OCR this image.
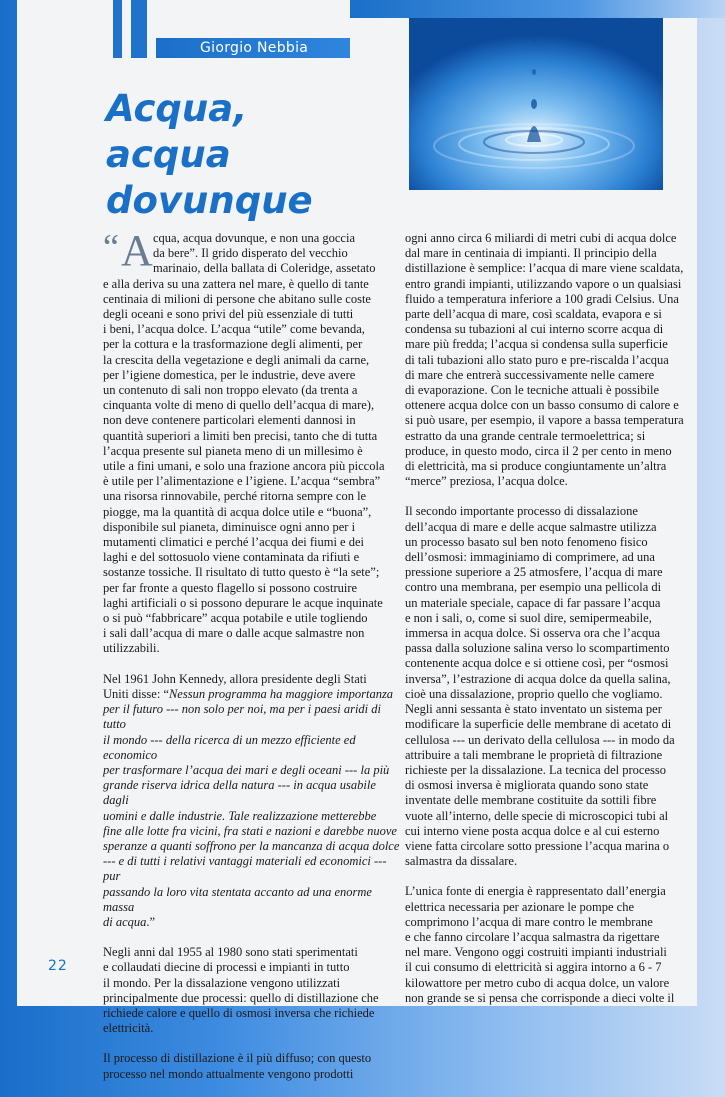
Giorgio Nebbia
Acqua,
acqua
dovunque
“ A cqua, acqua dovunque, e non una goccia
da bere”. Il grido disperato del vecchio
marinaio, della ballata di Coleridge, assetato

e alla deriva su una zattera nel mare, è quello di tante
centinaia di milioni di persone che abitano sulle coste
degli oceani e sono privi del più essenziale di tutti
i beni, l’acqua dolce. L’acqua “utile” come bevanda,
per la cottura e la trasformazione degli alimenti, per
la crescita della vegetazione e degli animali da carne,
per l’igiene domestica, per le industrie, deve avere
un contenuto di sali non troppo elevato (da trenta a
cinquanta volte di meno di quello dell’acqua di mare),
non deve contenere particolari elementi dannosi in
quantità superiori a limiti ben precisi, tanto che di tutta
l’acqua presente sul pianeta meno di un millesimo è
utile a fini umani, e solo una frazione ancora più piccola
è utile per l’alimentazione e l’igiene. L’acqua “sembra”
una risorsa rinnovabile, perché ritorna sempre con le
piogge, ma la quantità di acqua dolce utile e “buona”,
disponibile sul pianeta, diminuisce ogni anno per i
mutamenti climatici e perché l’acqua dei fiumi e dei
laghi e del sottosuolo viene contaminata da rifiuti e
sostanze tossiche. Il risultato di tutto questo è “la sete”;
per far fronte a questo flagello si possono costruire
laghi artificiali o si possono depurare le acque inquinate
o si può “fabbricare” acqua potabile e utile togliendo
i sali dall’acqua di mare o dalle acque salmastre non
utilizzabili.

Nel 1961 John Kennedy, allora presidente degli Stati
Uniti disse: “Nessun programma ha maggiore importanza
per il futuro --- non solo per noi, ma per i paesi aridi di tutto
il mondo --- della ricerca di un mezzo efficiente ed economico
per trasformare l’acqua dei mari e degli oceani --- la più
grande riserva idrica della natura --- in acqua usabile dagli
uomini e dalle industrie. Tale realizzazione metterebbe
fine alle lotte fra vicini, fra stati e nazioni e darebbe nuove
speranze a quanti soffrono per la mancanza di acqua dolce
--- e di tutti i relativi vantaggi materiali ed economici --- pur
passando la loro vita stentata accanto ad una enorme massa
di acqua.”

Negli anni dal 1955 al 1980 sono stati sperimentati
e collaudati diecine di processi e impianti in tutto
il mondo. Per la dissalazione vengono utilizzati
principalmente due processi: quello di distillazione che
richiede calore e quello di osmosi inversa che richiede
elettricità.

Il processo di distillazione è il più diffuso; con questo
processo nel mondo attualmente vengono prodotti

ogni anno circa 6 miliardi di metri cubi di acqua dolce
dal mare in centinaia di impianti. Il principio della
distillazione è semplice: l’acqua di mare viene scaldata,
entro grandi impianti, utilizzando vapore o un qualsiasi
fluido a temperatura inferiore a 100 gradi Celsius. Una
parte dell’acqua di mare, così scaldata, evapora e si
condensa su tubazioni al cui interno scorre acqua di
mare più fredda; l’acqua si condensa sulla superficie
di tali tubazioni allo stato puro e pre-riscalda l’acqua
di mare che entrerà successivamente nelle camere
di evaporazione. Con le tecniche attuali è possibile
ottenere acqua dolce con un basso consumo di calore e
si può usare, per esempio, il vapore a bassa temperatura
estratto da una grande centrale termoelettrica; si
produce, in questo modo, circa il 2 per cento in meno
di elettricità, ma si produce congiuntamente un’altra
“merce” preziosa, l’acqua dolce.

Il secondo importante processo di dissalazione
dell’acqua di mare e delle acque salmastre utilizza
un processo basato sul ben noto fenomeno fisico
dell’osmosi: immaginiamo di comprimere, ad una
pressione superiore a 25 atmosfere, l’acqua di mare
contro una membrana, per esempio una pellicola di
un materiale speciale, capace di far passare l’acqua
e non i sali, o, come si suol dire, semipermeabile,
immersa in acqua dolce. Si osserva ora che l’acqua
passa dalla soluzione salina verso lo scompartimento
contenente acqua dolce e si ottiene così, per “osmosi
inversa”, l’estrazione di acqua dolce da quella salina,
cioè una dissalazione, proprio quello che vogliamo.
Negli anni sessanta è stato inventato un sistema per
modificare la superficie delle membrane di acetato di
cellulosa --- un derivato della cellulosa --- in modo da
attribuire a tali membrane le proprietà di filtrazione
richieste per la dissalazione. La tecnica del processo
di osmosi inversa è migliorata quando sono state
inventate delle membrane costituite da sottili fibre
vuote all’interno, delle specie di microscopici tubi al
cui interno viene posta acqua dolce e al cui esterno
viene fatta circolare sotto pressione l’acqua marina o
salmastra da dissalare.

L’unica fonte di energia è rappresentato dall’energia
elettrica necessaria per azionare le pompe che
comprimono l’acqua di mare contro le membrane
e che fanno circolare l’acqua salmastra da rigettare
nel mare. Vengono oggi costruiti impianti industriali
il cui consumo di elettricità si aggira intorno a 6 - 7
kilowattore per metro cubo di acqua dolce, un valore
non grande se si pensa che corrisponde a dieci volte il

22
